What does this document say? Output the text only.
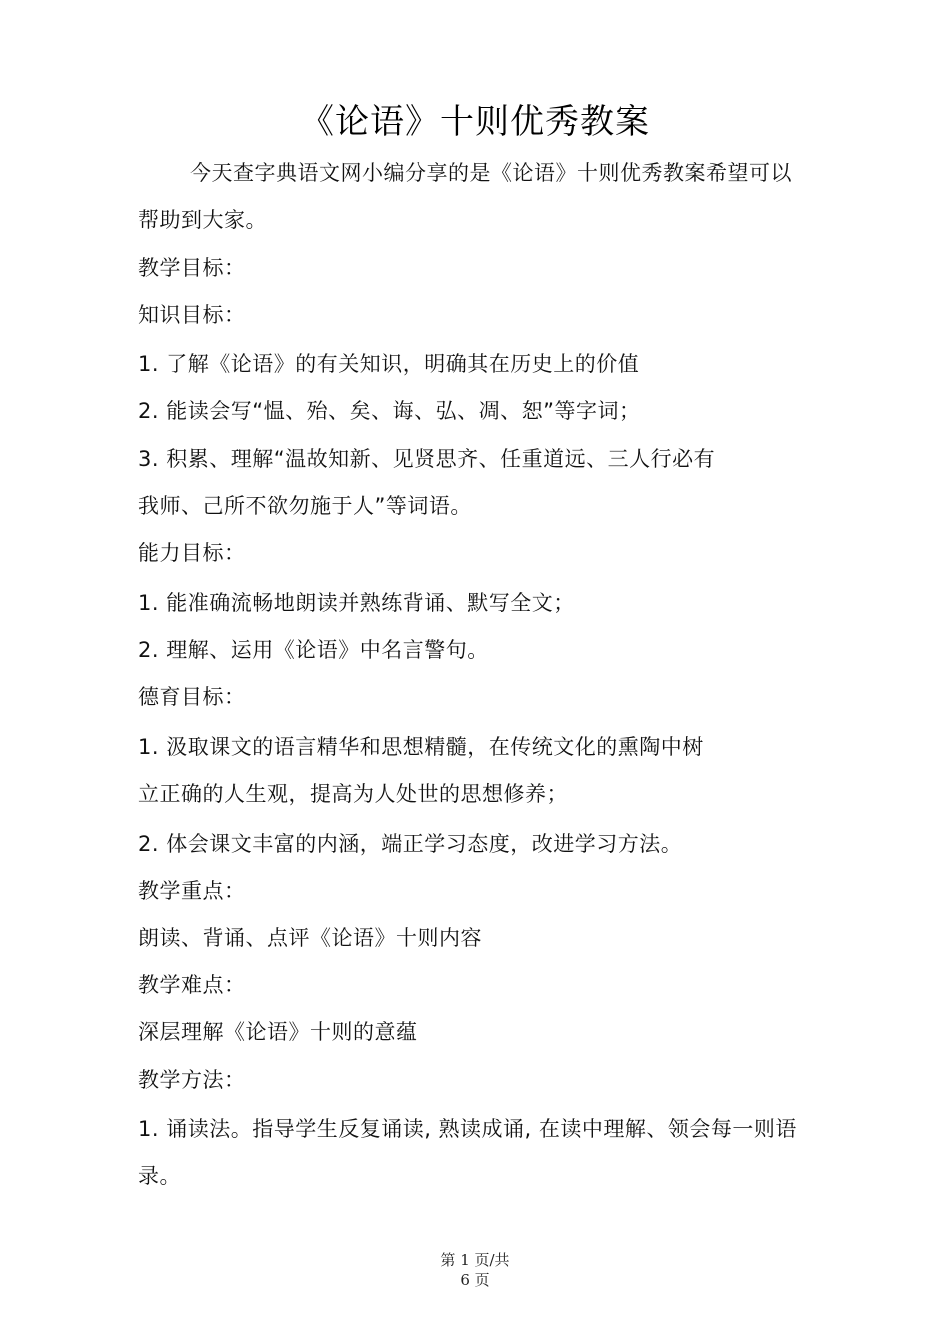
《论语》十则优秀教案
今天查字典语文网小编分享的是《论语》十则优秀教案希望可以
帮助到大家。
教学目标：
知识目标：
1. 了解《论语》的有关知识，明确其在历史上的价值
2. 能读会写“愠、殆、矣、诲、弘、凋、恕”等字词；
3. 积累、理解“温故知新、见贤思齐、任重道远、三人行必有
我师、己所不欲勿施于人”等词语。
能力目标：
1. 能准确流畅地朗读并熟练背诵、默写全文；
2. 理解、运用《论语》中名言警句。
德育目标：
1. 汲取课文的语言精华和思想精髓，在传统文化的熏陶中树
立正确的人生观，提高为人处世的思想修养；
2. 体会课文丰富的内涵，端正学习态度，改进学习方法。
教学重点：
朗读、背诵、点评《论语》十则内容
教学难点：
深层理解《论语》十则的意蕴
教学方法：
1. 诵读法。指导学生反复诵读, 熟读成诵, 在读中理解、领会每一则语
录。
第 1 页/共
6 页
